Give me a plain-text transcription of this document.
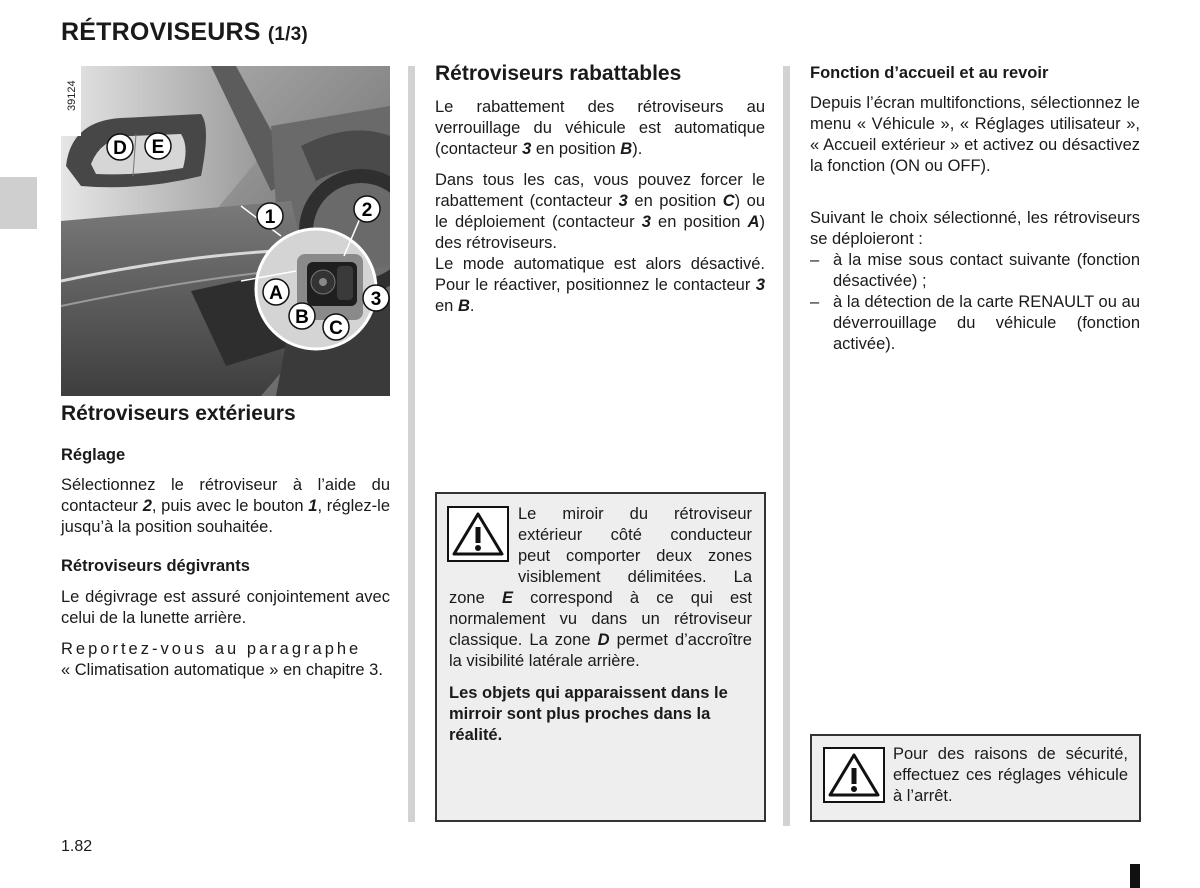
RÉTROVISEURS (1/3)
39124
D E
1	2
A	3
B
C
Rétroviseurs extérieurs
Réglage
Sélectionnez le rétroviseur à l’aide du contacteur 2, puis avec le bouton 1, réglez-le jusqu’à la position souhaitée.
Rétroviseurs dégivrants
Le dégivrage est assuré conjointement avec celui de la lunette arrière.
Reportez-vous au paragraphe
« Climatisation automatique » en chapitre 3.
Rétroviseurs rabattables
Le rabattement des rétroviseurs au verrouillage du véhicule est automatique (contacteur 3 en position B).
Dans tous les cas, vous pouvez forcer le rabattement (contacteur 3 en position C) ou le déploiement (contacteur 3 en position A) des rétroviseurs.
Le mode automatique est alors désactivé. Pour le réactiver, positionnez le contacteur 3 en B.
Le miroir du rétroviseur
extérieur côté conducteur
peut comporter deux zones
visiblement délimitées. La
zone E correspond à ce qui est normalement vu dans un rétroviseur classique. La zone D permet d’accroître la visibilité latérale arrière.
Les objets qui apparaissent dans le mirroir sont plus proches dans la réalité.
Fonction d’accueil et au revoir
Depuis l’écran multifonctions, sélectionnez le menu « Véhicule », « Réglages utilisateur », « Accueil extérieur » et activez ou désactivez la fonction (ON ou OFF).
Suivant le choix sélectionné, les rétroviseurs se déploieront :
– à la mise sous contact suivante (fonction désactivée) ;
– à la détection de la carte RENAULT ou au déverrouillage du véhicule (fonction activée).
Pour des raisons de sécurité, effectuez ces réglages véhicule à l’arrêt.
1.82
